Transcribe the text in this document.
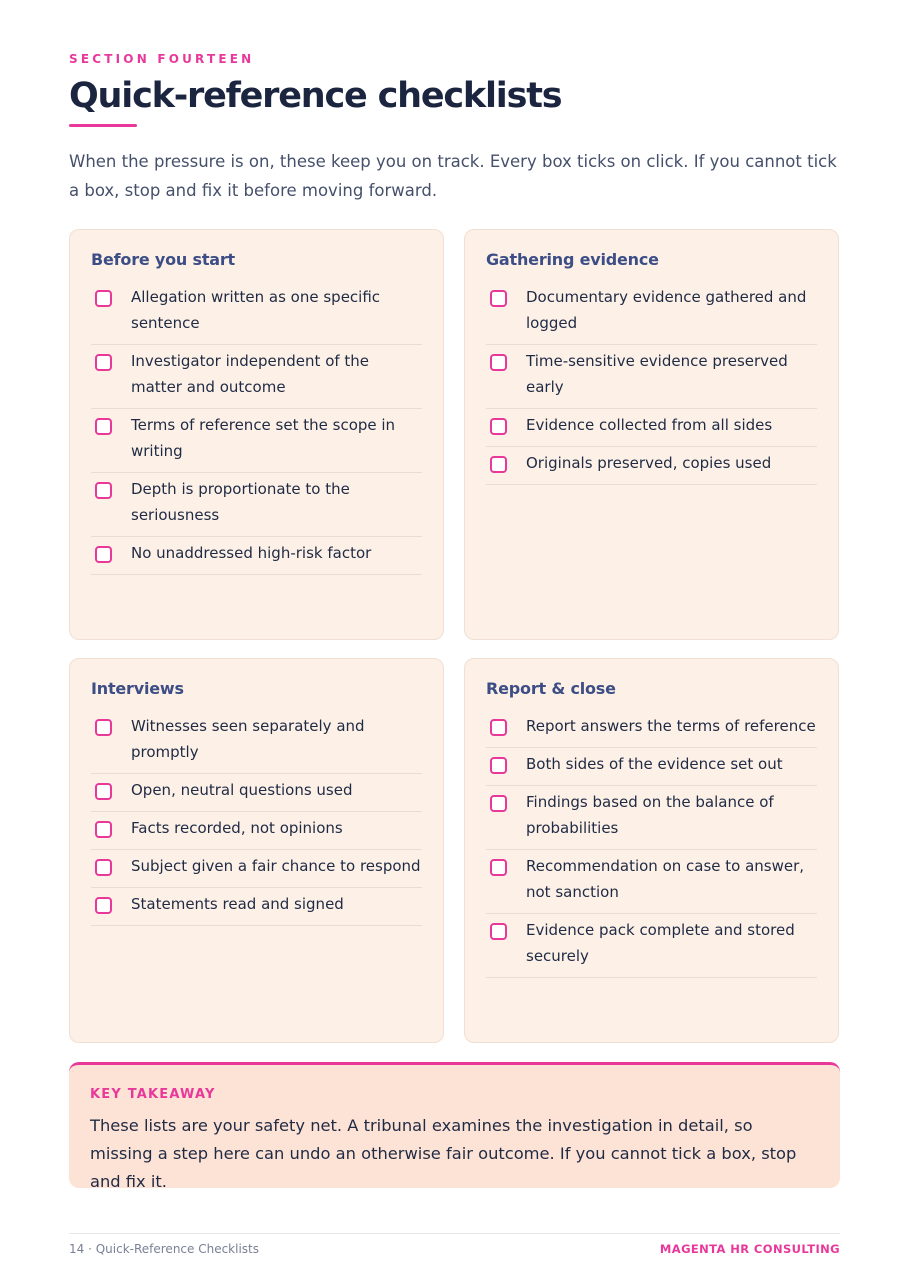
SECTION FOURTEEN
Quick-reference checklists

When the pressure is on, these keep you on track. Every box ticks on click. If you cannot tick a box, stop and fix it before moving forward.

Before you start
Allegation written as one specific sentence
Investigator independent of the matter and outcome
Terms of reference set the scope in writing
Depth is proportionate to the seriousness
No unaddressed high-risk factor
Gathering evidence
Documentary evidence gathered and logged
Time-sensitive evidence preserved early
Evidence collected from all sides
Originals preserved, copies used
Interviews
Witnesses seen separately and promptly
Open, neutral questions used
Facts recorded, not opinions
Subject given a fair chance to respond
Statements read and signed
Report & close
Report answers the terms of reference
Both sides of the evidence set out
Findings based on the balance of probabilities
Recommendation on case to answer, not sanction
Evidence pack complete and stored securely
KEY TAKEAWAY

These lists are your safety net. A tribunal examines the investigation in detail, so missing a step here can undo an otherwise fair outcome. If you cannot tick a box, stop and fix it.

14 · Quick-Reference Checklists	MAGENTA HR CONSULTING
